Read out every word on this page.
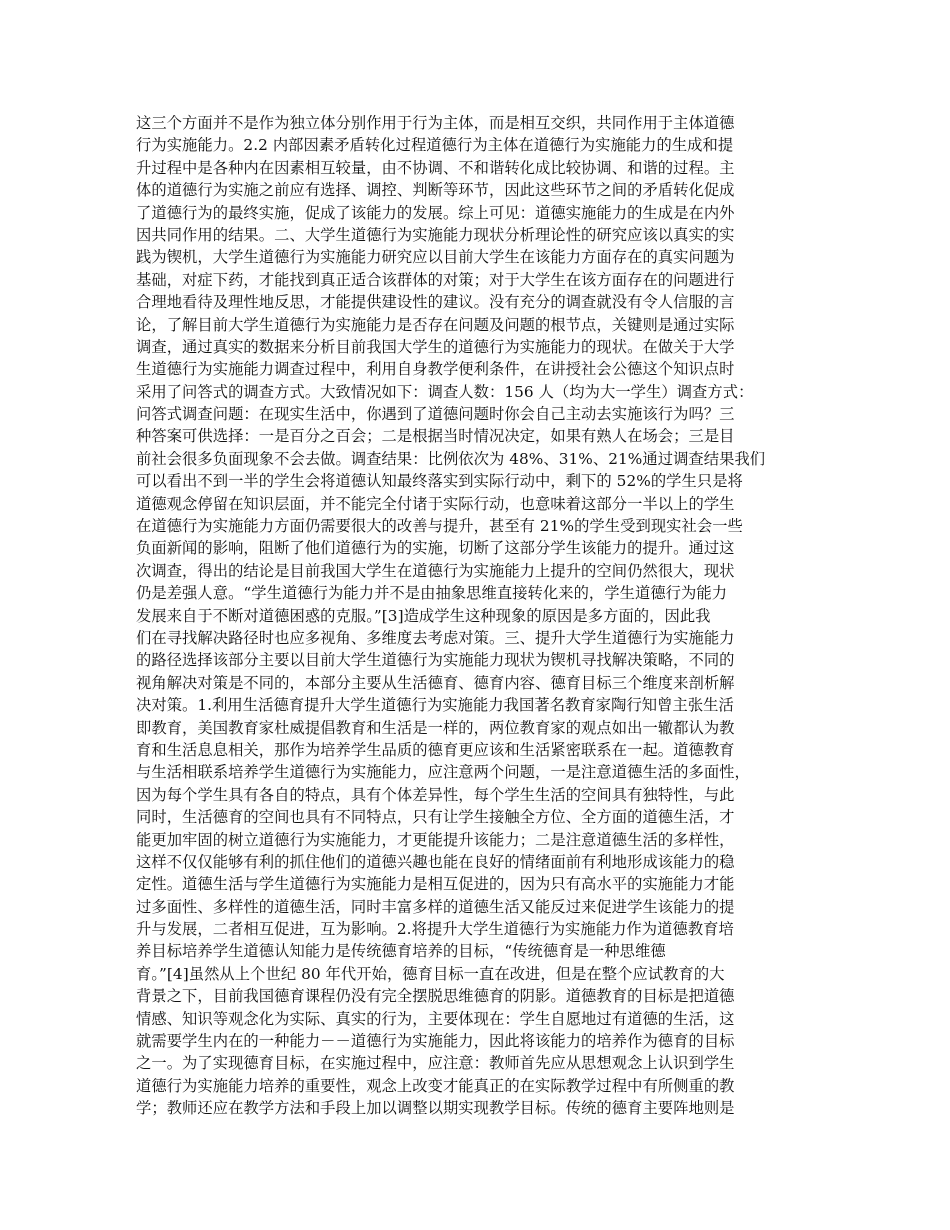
这三个方面并不是作为独立体分别作用于行为主体，而是相互交织，共同作用于主体道德
行为实施能力。2.2 内部因素矛盾转化过程道德行为主体在道德行为实施能力的生成和提
升过程中是各种内在因素相互较量，由不协调、不和谐转化成比较协调、和谐的过程。主
体的道德行为实施之前应有选择、调控、判断等环节，因此这些环节之间的矛盾转化促成
了道德行为的最终实施，促成了该能力的发展。综上可见：道德实施能力的生成是在内外
因共同作用的结果。二、大学生道德行为实施能力现状分析理论性的研究应该以真实的实
践为锲机，大学生道德行为实施能力研究应以目前大学生在该能力方面存在的真实问题为
基础，对症下药，才能找到真正适合该群体的对策；对于大学生在该方面存在的问题进行
合理地看待及理性地反思，才能提供建设性的建议。没有充分的调查就没有令人信服的言
论，了解目前大学生道德行为实施能力是否存在问题及问题的根节点，关键则是通过实际
调查，通过真实的数据来分析目前我国大学生的道德行为实施能力的现状。在做关于大学
生道德行为实施能力调查过程中，利用自身教学便利条件，在讲授社会公德这个知识点时
采用了问答式的调查方式。大致情况如下：调查人数：156 人（均为大一学生）调查方式：
问答式调查问题：在现实生活中，你遇到了道德问题时你会自己主动去实施该行为吗？三
种答案可供选择：一是百分之百会；二是根据当时情况决定，如果有熟人在场会；三是目
前社会很多负面现象不会去做。调查结果：比例依次为 48%、31%、21%通过调查结果我们
可以看出不到一半的学生会将道德认知最终落实到实际行动中，剩下的 52%的学生只是将
道德观念停留在知识层面，并不能完全付诸于实际行动，也意味着这部分一半以上的学生
在道德行为实施能力方面仍需要很大的改善与提升，甚至有 21%的学生受到现实社会一些
负面新闻的影响，阻断了他们道德行为的实施，切断了这部分学生该能力的提升。通过这
次调查，得出的结论是目前我国大学生在道德行为实施能力上提升的空间仍然很大，现状
仍是差强人意。“学生道德行为能力并不是由抽象思维直接转化来的，学生道德行为能力
发展来自于不断对道德困惑的克服。”[3]造成学生这种现象的原因是多方面的，因此我
们在寻找解决路径时也应多视角、多维度去考虑对策。三、提升大学生道德行为实施能力
的路径选择该部分主要以目前大学生道德行为实施能力现状为锲机寻找解决策略，不同的
视角解决对策是不同的，本部分主要从生活德育、德育内容、德育目标三个维度来剖析解
决对策。1.利用生活德育提升大学生道德行为实施能力我国著名教育家陶行知曾主张生活
即教育，美国教育家杜威提倡教育和生活是一样的，两位教育家的观点如出一辙都认为教
育和生活息息相关，那作为培养学生品质的德育更应该和生活紧密联系在一起。道德教育
与生活相联系培养学生道德行为实施能力，应注意两个问题，一是注意道德生活的多面性，
因为每个学生具有各自的特点，具有个体差异性，每个学生生活的空间具有独特性，与此
同时，生活德育的空间也具有不同特点，只有让学生接触全方位、全方面的道德生活，才
能更加牢固的树立道德行为实施能力，才更能提升该能力；二是注意道德生活的多样性，
这样不仅仅能够有利的抓住他们的道德兴趣也能在良好的情绪面前有利地形成该能力的稳
定性。道德生活与学生道德行为实施能力是相互促进的，因为只有高水平的实施能力才能
过多面性、多样性的道德生活，同时丰富多样的道德生活又能反过来促进学生该能力的提
升与发展，二者相互促进，互为影响。2.将提升大学生道德行为实施能力作为道德教育培
养目标培养学生道德认知能力是传统德育培养的目标，“传统德育是一种思维德
育。”[4]虽然从上个世纪 80 年代开始，德育目标一直在改进，但是在整个应试教育的大
背景之下，目前我国德育课程仍没有完全摆脱思维德育的阴影。道德教育的目标是把道德
情感、知识等观念化为实际、真实的行为，主要体现在：学生自愿地过有道德的生活，这
就需要学生内在的一种能力－－道德行为实施能力，因此将该能力的培养作为德育的目标
之一。为了实现德育目标，在实施过程中，应注意：教师首先应从思想观念上认识到学生
道德行为实施能力培养的重要性，观念上改变才能真正的在实际教学过程中有所侧重的教
学；教师还应在教学方法和手段上加以调整以期实现教学目标。传统的德育主要阵地则是
